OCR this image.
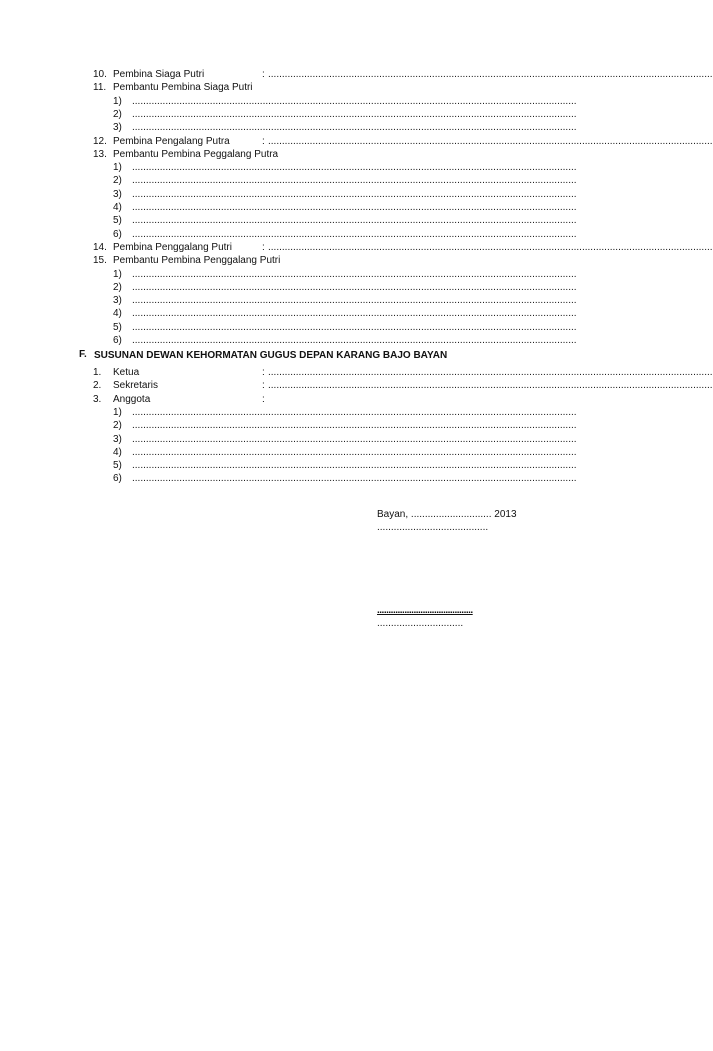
10. Pembina Siaga Putri	: ................................................................................................................................................................
11. Pembantu Pembina Siaga Putri
1) ................................................................................................................................................................
2) ................................................................................................................................................................
3) ................................................................................................................................................................
12. Pembina Pengalang Putra	: ................................................................................................................................................................
13. Pembantu Pembina Peggalang Putra
1) ................................................................................................................................................................
2) ................................................................................................................................................................
3) ................................................................................................................................................................
4) ................................................................................................................................................................
5) ................................................................................................................................................................
6) ................................................................................................................................................................
14. Pembina Penggalang Putri	: ................................................................................................................................................................
15. Pembantu Pembina Penggalang Putri
1) ................................................................................................................................................................
2) ................................................................................................................................................................
3) ................................................................................................................................................................
4) ................................................................................................................................................................
5) ................................................................................................................................................................
6) ................................................................................................................................................................
F. SUSUNAN DEWAN KEHORMATAN GUGUS DEPAN KARANG BAJO BAYAN
1. Ketua	: ................................................................................................................................................................
2. Sekretaris	: ................................................................................................................................................................
3. Anggota	:
1) ................................................................................................................................................................
2) ................................................................................................................................................................
3) ................................................................................................................................................................
4) ................................................................................................................................................................
5) ................................................................................................................................................................
6) ................................................................................................................................................................
Bayan, ............................. 2013
........................................
..........................................
...............................
